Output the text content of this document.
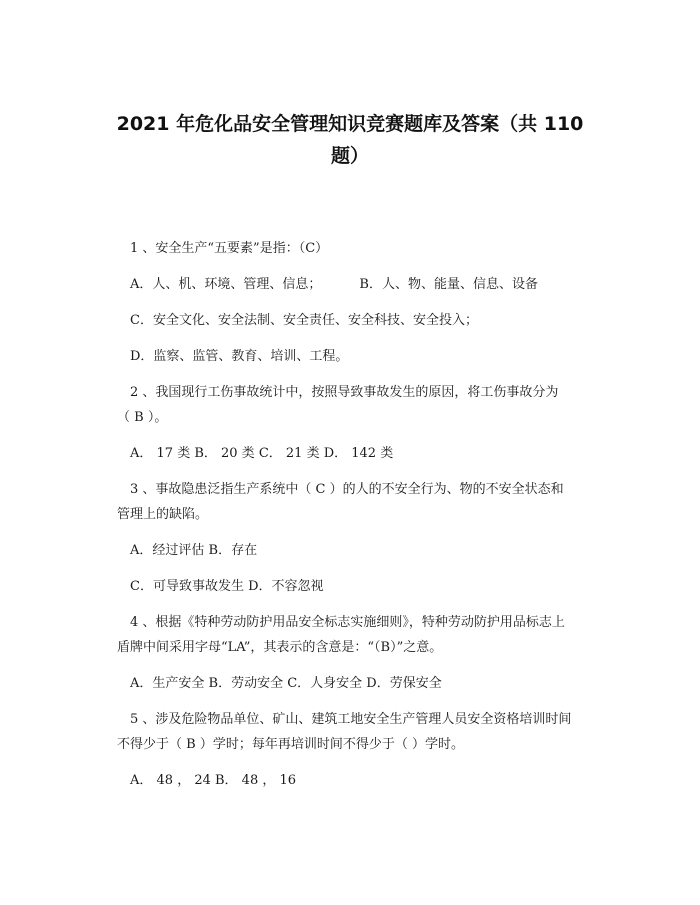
2021 年危化品安全管理知识竞赛题库及答案（共 110
题）
1 、安全生产“五要素”是指：（C）
A．人、机、环境、管理、信息；	B．人、物、能量、信息、设备
C．安全文化、安全法制、安全责任、安全科技、安全投入；
D．监察、监管、教育、培训、工程。
2 、我国现行工伤事故统计中，按照导致事故发生的原因，将工伤事故分为
（ B ）。
A． 17 类 B． 20 类 C． 21 类 D． 142 类
3 、事故隐患泛指生产系统中（ C ）的人的不安全行为、物的不安全状态和
管理上的缺陷。
A．经过评估 B．存在
C．可导致事故发生 D．不容忽视
4 、根据《特种劳动防护用品安全标志实施细则》，特种劳动防护用品标志上
盾牌中间采用字母“LA”，其表示的含意是：“（B）”之意。
A．生产安全 B．劳动安全 C．人身安全 D．劳保安全
5 、涉及危险物品单位、矿山、建筑工地安全生产管理人员安全资格培训时间
不得少于（ B ）学时；每年再培训时间不得少于（ ）学时。
A． 48 ， 24 B． 48 ， 16
